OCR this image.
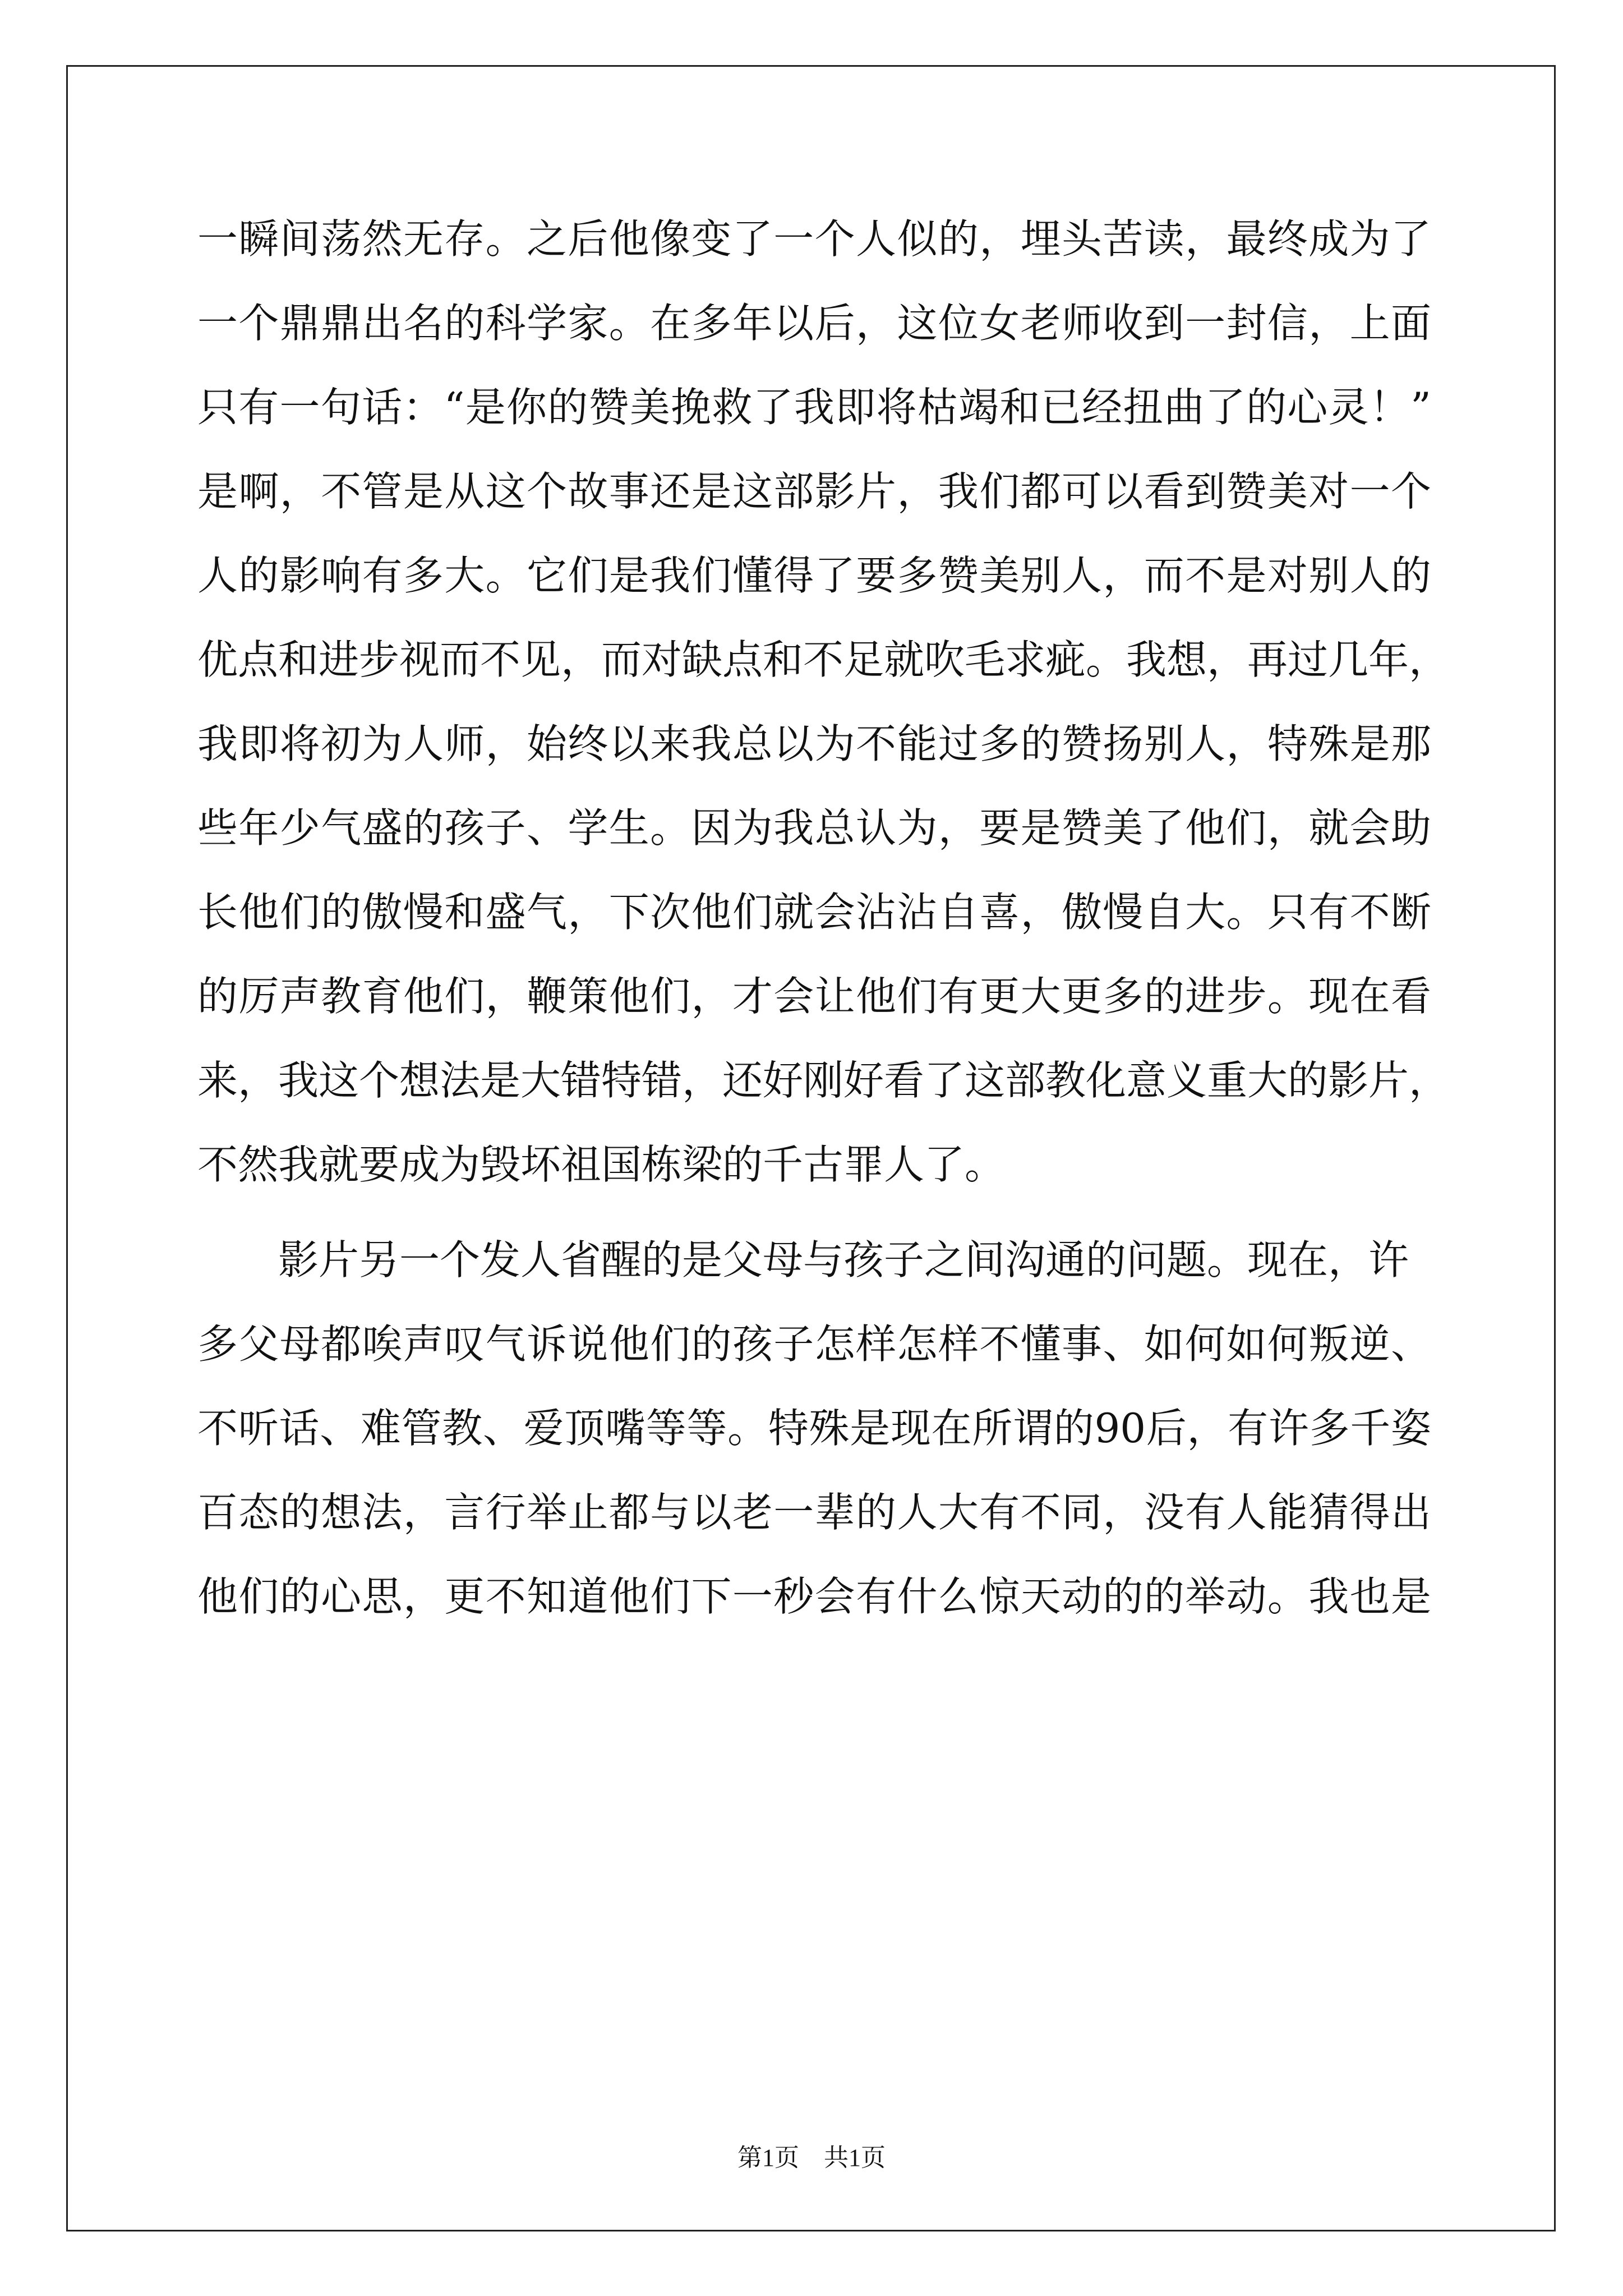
一瞬间荡然无存。之后他像变了一个人似的，埋头苦读，最终成为了
一个鼎鼎出名的科学家。在多年以后，这位女老师收到一封信，上面
只有一句话：“是你的赞美挽救了我即将枯竭和已经扭曲了的心灵！”
是啊，不管是从这个故事还是这部影片，我们都可以看到赞美对一个
人的影响有多大。它们是我们懂得了要多赞美别人，而不是对别人的
优点和进步视而不见，而对缺点和不足就吹毛求疵。我想，再过几年，
我即将初为人师，始终以来我总以为不能过多的赞扬别人，特殊是那
些年少气盛的孩子、学生。因为我总认为，要是赞美了他们，就会助
长他们的傲慢和盛气，下次他们就会沾沾自喜，傲慢自大。只有不断
的厉声教育他们，鞭策他们，才会让他们有更大更多的进步。现在看
来，我这个想法是大错特错，还好刚好看了这部教化意义重大的影片，
不然我就要成为毁坏祖国栋梁的千古罪人了。
影片另一个发人省醒的是父母与孩子之间沟通的问题。现在，许
多父母都唉声叹气诉说他们的孩子怎样怎样不懂事、如何如何叛逆、
不听话、难管教、爱顶嘴等等。特殊是现在所谓的90后，有许多千姿
百态的想法，言行举止都与以老一辈的人大有不同，没有人能猜得出
他们的心思，更不知道他们下一秒会有什么惊天动的的举动。我也是
第1页 共1页
